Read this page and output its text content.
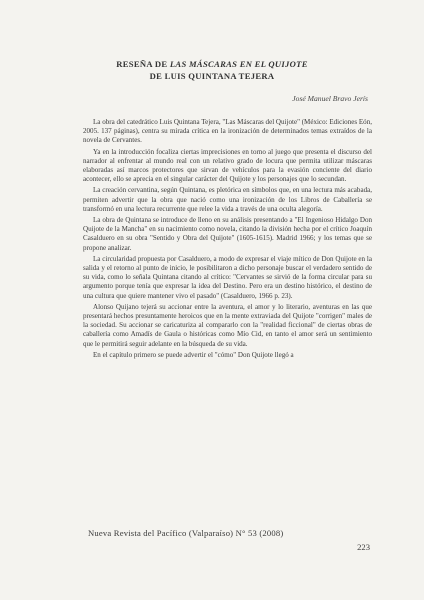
RESEÑA DE LAS MÁSCARAS EN EL QUIJOTE
DE LUIS QUINTANA TEJERA
José Manuel Bravo Jerís

La obra del catedrático Luis Quintana Tejera, "Las Máscaras del Quijote" (México: Ediciones Eón, 2005. 137 páginas), centra su mirada crítica en la ironización de determinados temas extraídos de la novela de Cervantes.

Ya en la introducción focaliza ciertas imprecisiones en torno al juego que presenta el discurso del narrador al enfrentar al mundo real con un relativo grado de locura que permita utilizar máscaras elaboradas así marcos protectores que sirvan de vehículos para la evasión conciente del diario acontecer, ello se aprecia en el singular carácter del Quijote y los personajes que lo secundan.

La creación cervantina, según Quintana, es pletórica en símbolos que, en una lectura más acabada, permiten advertir que la obra que nació como una ironización de los Libros de Caballería se transformó en una lectura recurrente que releе la vida a través de una oculta alegoría.

La obra de Quintana se introduce de lleno en su análisis presentando a "El Ingenioso Hidalgo Don Quijote de la Mancha" en su nacimiento como novela, citando la división hecha por el crítico Joaquín Casalduero en su obra "Sentido y Obra del Quijote" (1605-1615). Madrid 1966; y los temas que se propone analizar.

La circularidad propuesta por Casalduero, a modo de expresar el viaje mítico de Don Quijote en la salida y el retorno al punto de inicio, le posibilitaron a dicho personaje buscar el verdadero sentido de su vida, como lo señala Quintana citando al crítico: "Cervantes se sirvió de la forma circular para su argumento porque tenía que expresar la idea del Destino. Pero era un destino histórico, el destino de una cultura que quiere mantener vivo el pasado" (Casalduero, 1966 p. 23).

Alonso Quijano tejerá su accionar entre la aventura, el amor y lo literario, aventuras en las que presentará hechos presuntamente heroicos que en la mente extraviada del Quijote "corrigen" males de la sociedad. Su accionar se caricaturiza al compararlo con la "realidad ficcional" de ciertas obras de caballería como Amadís de Gaula o históricas como Mío Cid, en tanto el amor será un sentimiento que le permitirá seguir adelante en la búsqueda de su vida.

En el capítulo primero se puede advertir el "cómo" Don Quijote llegó a

Nueva Revista del Pacífico (Valparaíso) N° 53 (2008)
223
